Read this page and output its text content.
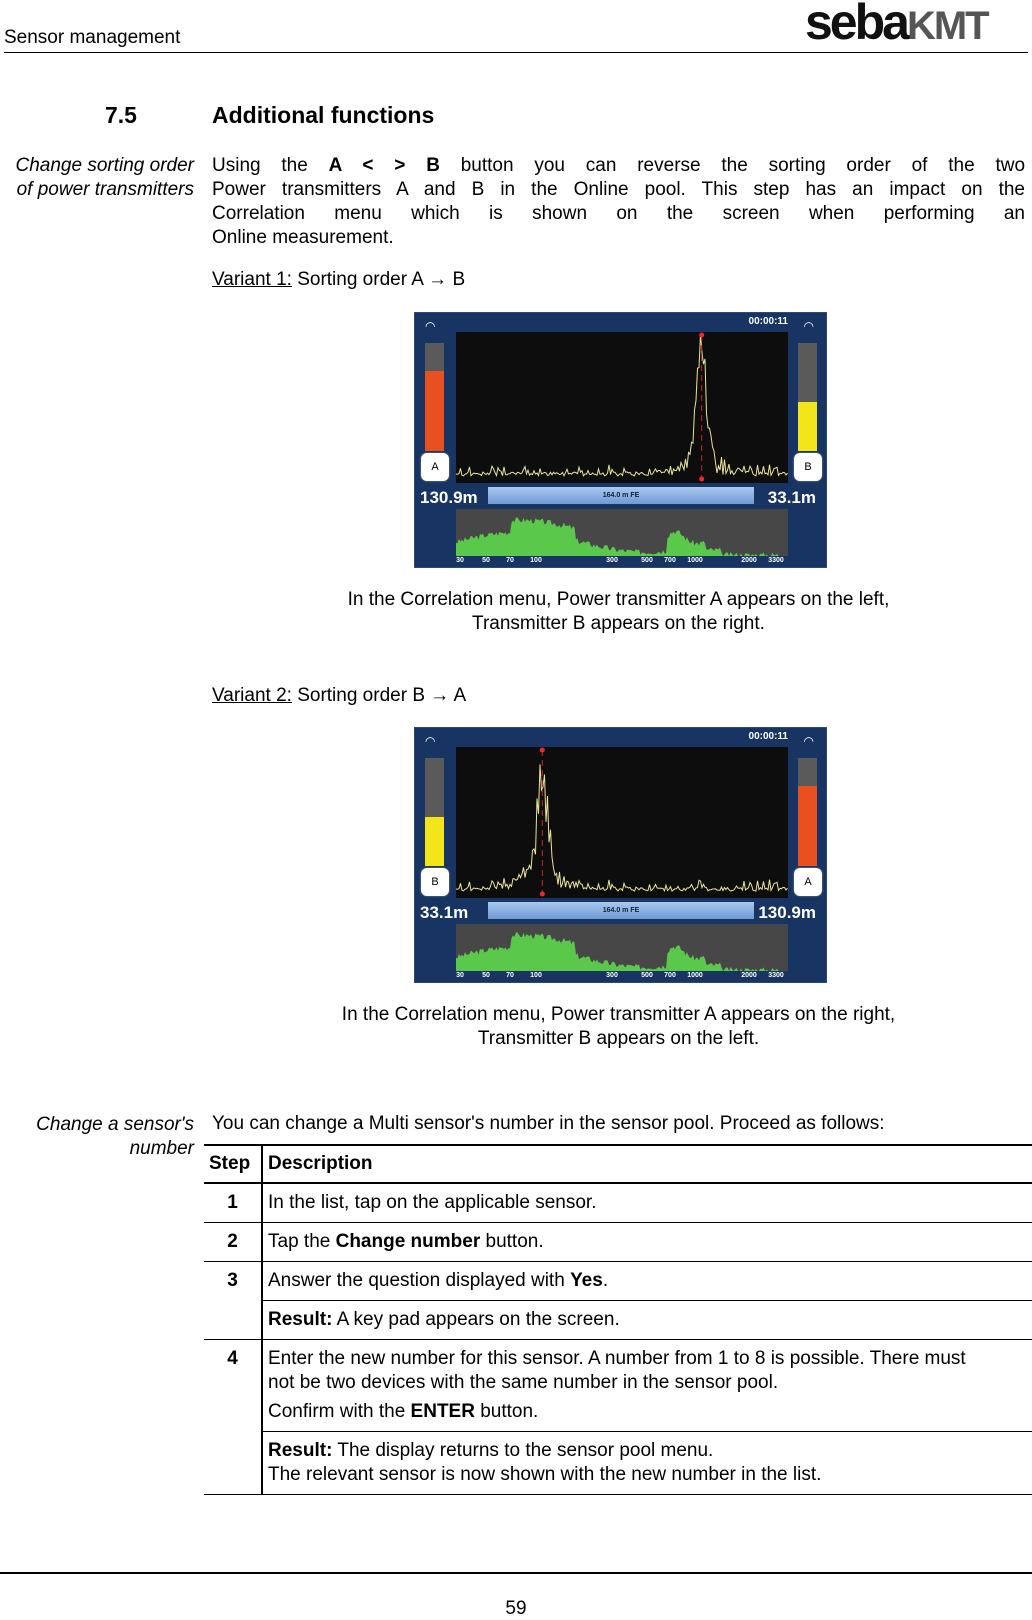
Sensor management	sebaKMT
7.5	Additional functions
Change sorting order
of power transmitters
Using the A < > B button you can reverse the sorting order of the two
Power transmitters A and B in the Online pool. This step has an impact on the
Correlation menu which is shown on the screen when performing an
Online measurement.
Variant 1: Sorting order A → B
◠	◠
00:00:11
A	B
130.9m	33.1m
164.0 m FE
30	50 70 100	300	500 700 1000	2000 3300
In the Correlation menu, Power transmitter A appears on the left,
Transmitter B appears on the right.
Variant 2: Sorting order B → A
◠	◠
00:00:11
B	A
33.1m	130.9m
164.0 m FE
30	50 70 100	300	500 700 1000	2000 3300
In the Correlation menu, Power transmitter A appears on the right,
Transmitter B appears on the left.
Change a sensor's
number
You can change a Multi sensor's number in the sensor pool. Proceed as follows:
Step	Description
1	In the list, tap on the applicable sensor.
2	Tap the Change number button.
3	Answer the question displayed with Yes.
	Result: A key pad appears on the screen.
4	Enter the new number for this sensor. A number from 1 to 8 is possible. There must not be two devices with the same number in the sensor pool.
Confirm with the ENTER button.
	Result: The display returns to the sensor pool menu.
The relevant sensor is now shown with the new number in the list.
59
